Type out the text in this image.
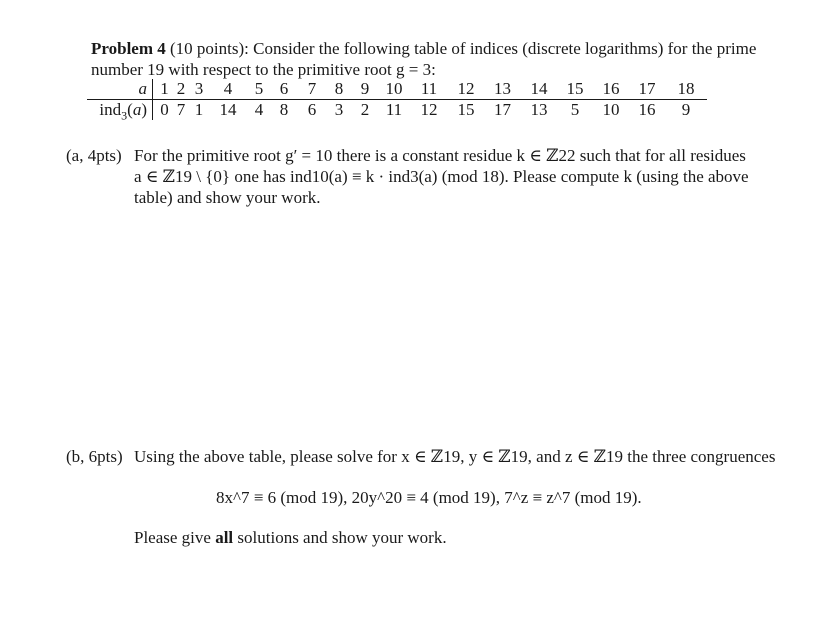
Problem 4 (10 points): Consider the following table of indices (discrete logarithms) for the prime
number 19 with respect to the primitive root g = 3:
a	1	2	3	4	5	6	7	8	9	10	11	12	13	14	15	16	17	18
ind$_3$(a)	0	7	1	14	4	8	6	3	2	11	12	15	17	13	5	10	16	9
(a, 4pts) For the primitive root g′ = 10 there is a constant residue k ∈ ℤ22 such that for all residues
a ∈ ℤ19 \ {0} one has ind10(a) ≡ k · ind3(a) (mod 18). Please compute k (using the above
table) and show your work.
(b, 6pts) Using the above table, please solve for x ∈ ℤ19, y ∈ ℤ19, and z ∈ ℤ19 the three congruences
8x^7 ≡ 6 (mod 19), 20y^20 ≡ 4 (mod 19), 7^z ≡ z^7 (mod 19).
Please give all solutions and show your work.
